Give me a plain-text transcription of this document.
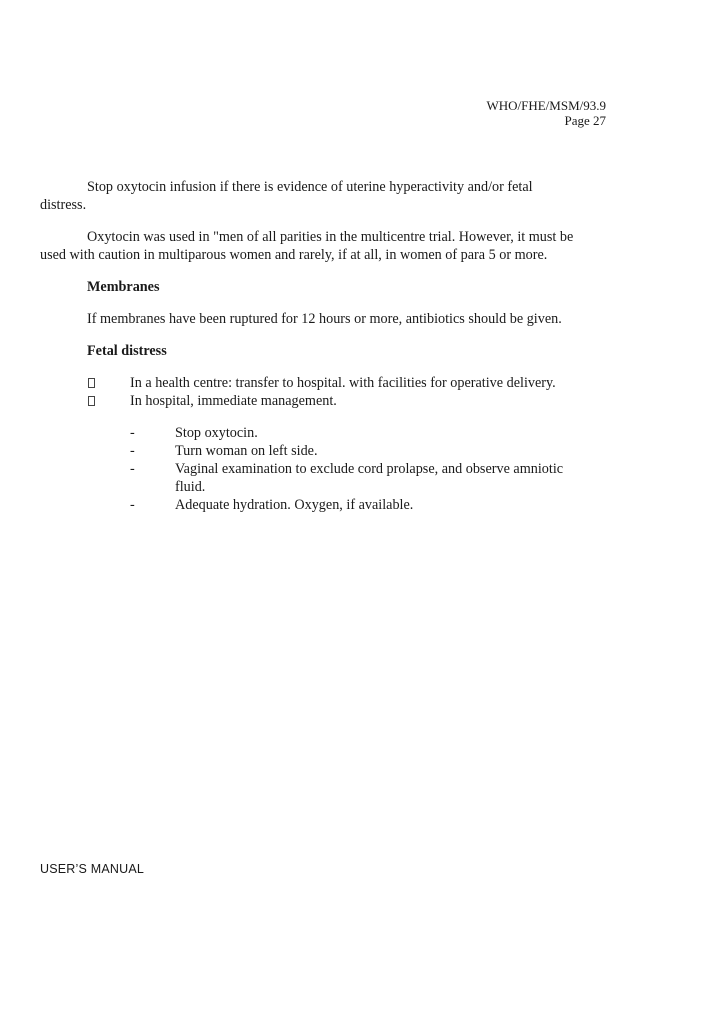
WHO/FHE/MSM/93.9
Page 27

Stop oxytocin infusion if there is evidence of uterine hyperactivity and/or fetal distress.

Oxytocin was used in "men of all parities in the multicentre trial. However, it must be used with caution in multiparous women and rarely, if at all, in women of para 5 or more.

Membranes

If membranes have been ruptured for 12 hours or more, antibiotics should be given.

Fetal distress
In a health centre: transfer to hospital. with facilities for operative delivery.
In hospital, immediate management.
-	Stop oxytocin.
-	Turn woman on left side.
-	Vaginal examination to exclude cord prolapse, and observe amniotic fluid.
-	Adequate hydration. Oxygen, if available.
USER’S MANUAL
